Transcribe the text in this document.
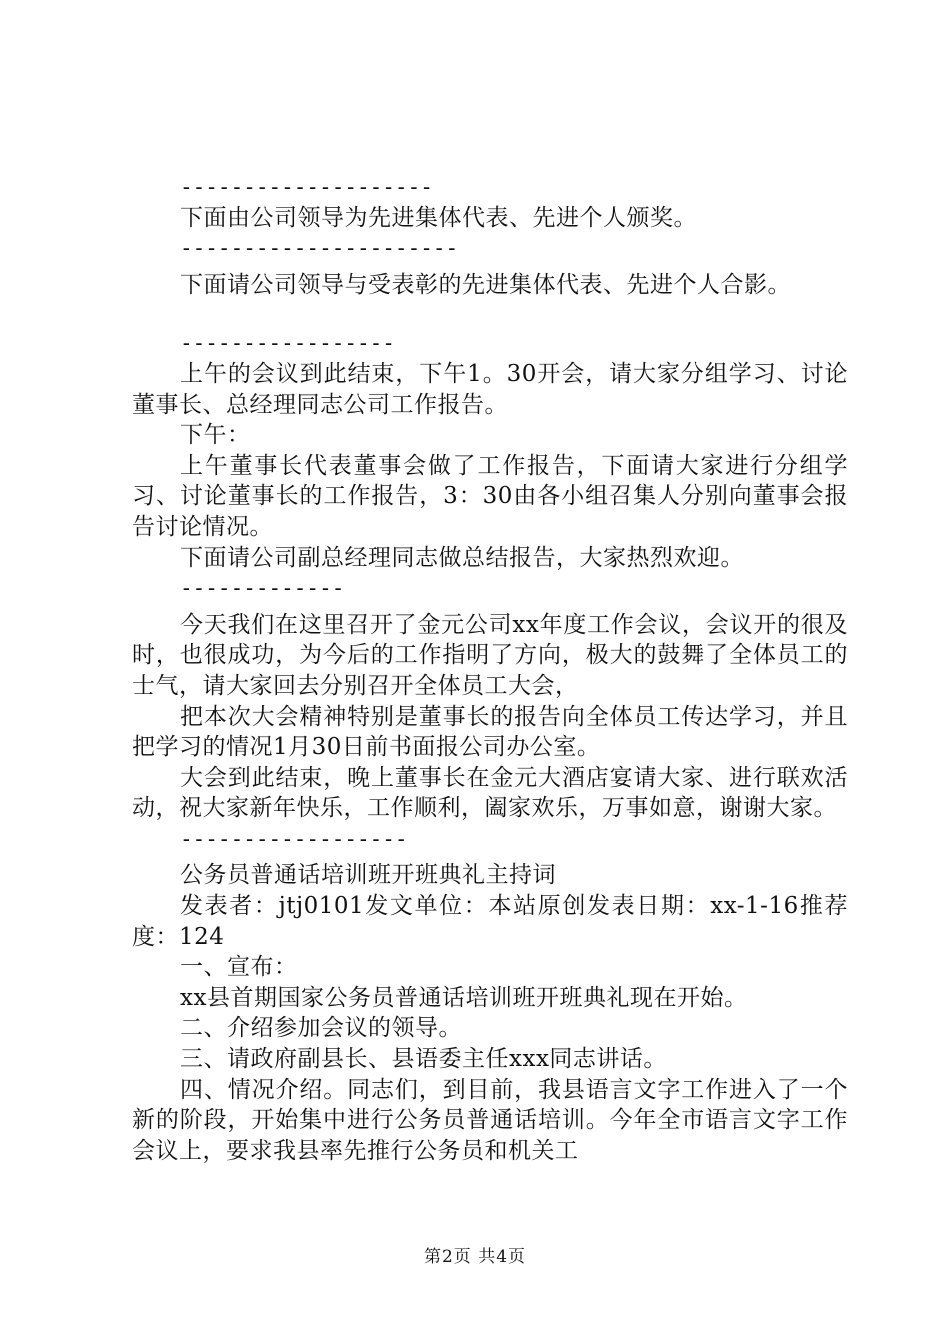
--------------------

下面由公司领导为先进集体代表、先进个人颁奖。

----------------------

下面请公司领导与受表彰的先进集体代表、先进个人合影。

-----------------

上午的会议到此结束，下午1。30开会，请大家分组学习、讨论董事长、总经理同志公司工作报告。

下午：

上午董事长代表董事会做了工作报告，下面请大家进行分组学习、讨论董事长的工作报告，3：30由各小组召集人分别向董事会报告讨论情况。

下面请公司副总经理同志做总结报告，大家热烈欢迎。

-------------

今天我们在这里召开了金元公司xx年度工作会议，会议开的很及时，也很成功，为今后的工作指明了方向，极大的鼓舞了全体员工的士气，请大家回去分别召开全体员工大会，

把本次大会精神特别是董事长的报告向全体员工传达学习，并且把学习的情况1月30日前书面报公司办公室。

大会到此结束，晚上董事长在金元大酒店宴请大家、进行联欢活动，祝大家新年快乐，工作顺利，阖家欢乐，万事如意，谢谢大家。

------------------

公务员普通话培训班开班典礼主持词

发表者：jtj0101发文单位：本站原创发表日期：xx-1-16推荐度：124

一、宣布：

xx县首期国家公务员普通话培训班开班典礼现在开始。

二、介绍参加会议的领导。

三、请政府副县长、县语委主任xxx同志讲话。

四、情况介绍。同志们，到目前，我县语言文字工作进入了一个新的阶段，开始集中进行公务员普通话培训。今年全市语言文字工作会议上，要求我县率先推行公务员和机关工

第2页 共4页
